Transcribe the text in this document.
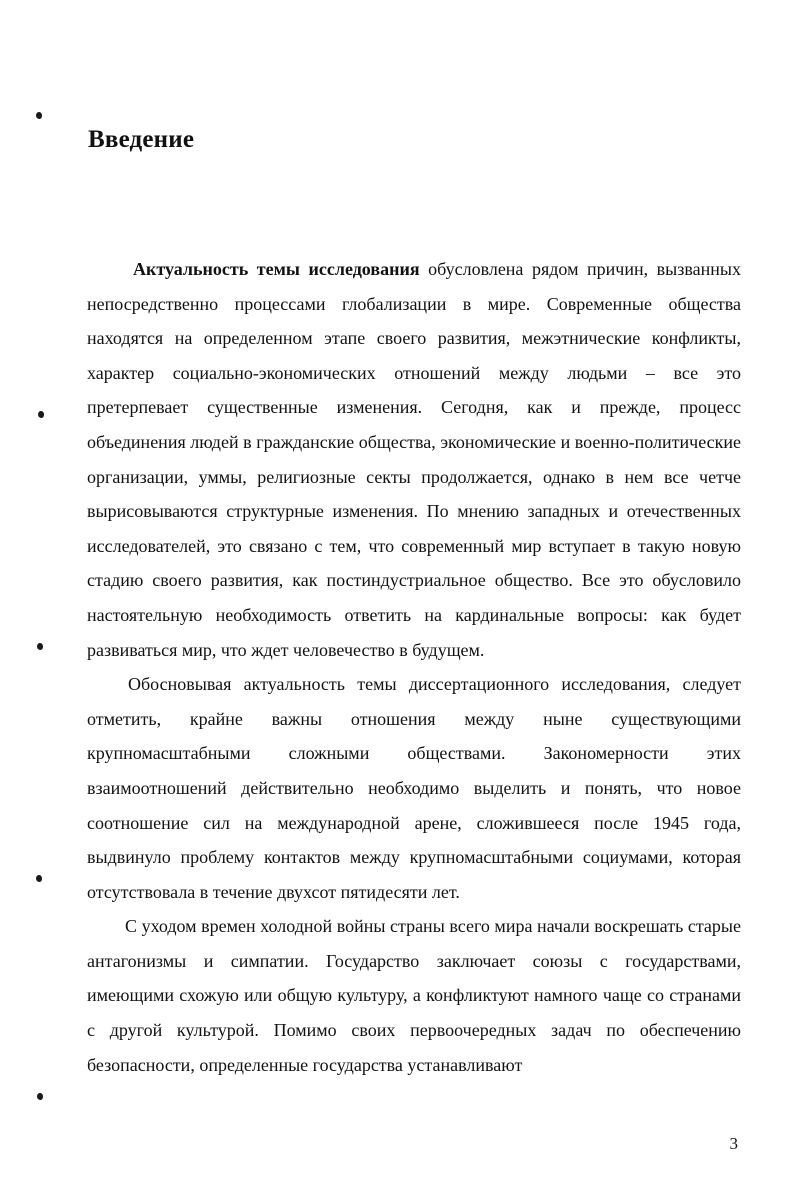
Введение

Актуальность темы исследования обусловлена рядом причин, вызванных непосредственно процессами глобализации в мире. Современные общества находятся на определенном этапе своего развития, межэтнические конфликты, характер социально-экономических отношений между людьми – все это претерпевает существенные изменения. Сегодня, как и прежде, процесс объединения людей в гражданские общества, экономические и военно-политические организации, уммы, религиозные секты продолжается, однако в нем все четче вырисовываются структурные изменения. По мнению западных и отечественных исследователей, это связано с тем, что современный мир вступает в такую новую стадию своего развития, как постиндустриальное общество. Все это обусловило настоятельную необходимость ответить на кардинальные вопросы: как будет развиваться мир, что ждет человечество в будущем.

Обосновывая актуальность темы диссертационного исследования, следует отметить, крайне важны отношения между ныне существующими крупномасштабными сложными обществами. Закономерности этих взаимоотношений действительно необходимо выделить и понять, что новое соотношение сил на международной арене, сложившееся после 1945 года, выдвинуло проблему контактов между крупномасштабными социумами, которая отсутствовала в течение двухсот пятидесяти лет.

С уходом времен холодной войны страны всего мира начали воскрешать старые антагонизмы и симпатии. Государство заключает союзы с государствами, имеющими схожую или общую культуру, а конфликтуют намного чаще со странами с другой культурой. Помимо своих первоочередных задач по обеспечению безопасности, определенные государства устанавливают

3
